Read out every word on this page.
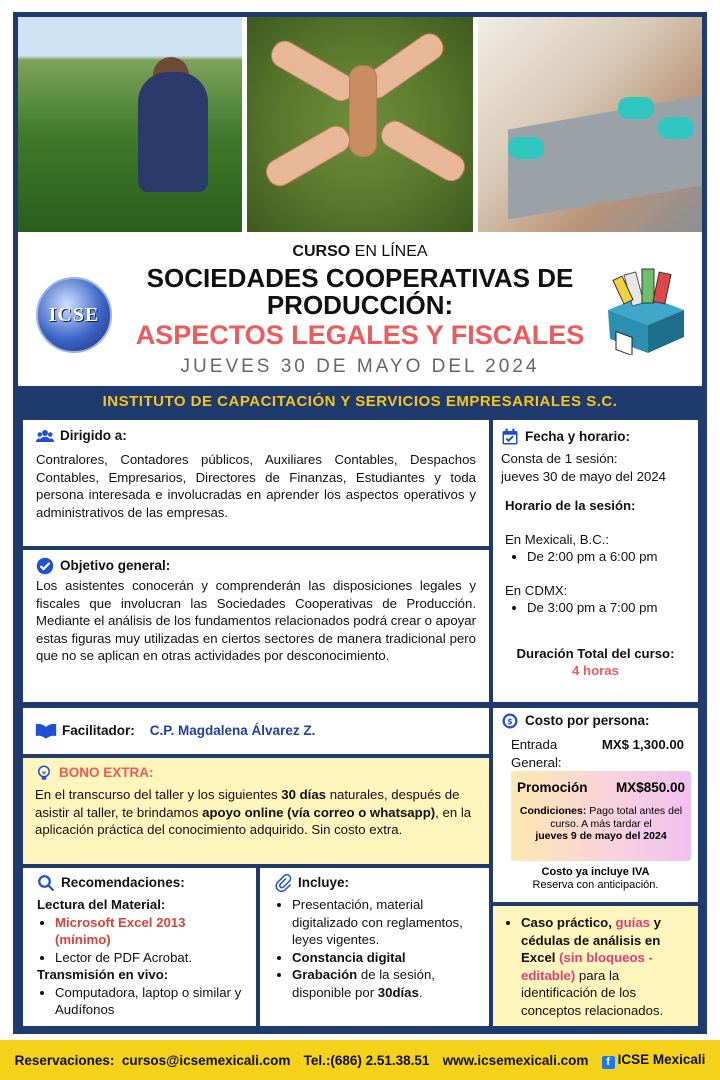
CURSO EN LÍNEA
ICSE
SOCIEDADES COOPERATIVAS DE
PRODUCCIÓN:
ASPECTOS LEGALES Y FISCALES
JUEVES 30 DE MAYO DEL 2024
INSTITUTO DE CAPACITACIÓN Y SERVICIOS EMPRESARIALES S.C.
Dirigido a:
Contralores, Contadores públicos, Auxiliares Contables, Despachos Contables, Empresarios, Directores de Finanzas, Estudiantes y toda persona interesada e involucradas en aprender los aspectos operativos y administrativos de las empresas.
Objetivo general:
Los asistentes conocerán y comprenderán las disposiciones legales y fiscales que involucran las Sociedades Cooperativas de Producción. Mediante el análisis de los fundamentos relacionados podrá crear o apoyar estas figuras muy utilizadas en ciertos sectores de manera tradicional pero que no se aplican en otras actividades por desconocimiento.
Fecha y horario:
Consta de 1 sesión:
jueves 30 de mayo del 2024
Horario de la sesión:
En Mexicali, B.C.:
• De 2:00 pm a 6:00 pm
En CDMX:
• De 3:00 pm a 7:00 pm
Duración Total del curso:
4 horas
Facilitador: C.P. Magdalena Álvarez Z.
BONO EXTRA:
En el transcurso del taller y los siguientes 30 días naturales, después de asistir al taller, te brindamos apoyo online (vía correo o whatsapp), en la aplicación práctica del conocimiento adquirido. Sin costo extra.
$ Costo por persona:
Entrada
General:
MX$ 1,300.00
Promoción MX$850.00
Condiciones: Pago total antes del curso. A más tardar el
jueves 9 de mayo del 2024
Costo ya incluye IVA
Reserva con anticipación.
Recomendaciones:
Lectura del Material:
• Microsoft Excel 2013
(mínimo)
• Lector de PDF Acrobat.
Transmisión en vivo:
• Computadora, laptop o similar y Audífonos
Incluye:
• Presentación, material digitalizado con reglamentos, leyes vigentes.
• Constancia digital
• Grabación de la sesión, disponible por 30días.
• Caso práctico, guías y cédulas de análisis en Excel (sin bloqueos - editable) para la identificación de los conceptos relacionados.
Reservaciones: cursos@icsemexicali.com Tel.:(686) 2.51.38.51 www.icsemexicali.com	f ICSE Mexicali
